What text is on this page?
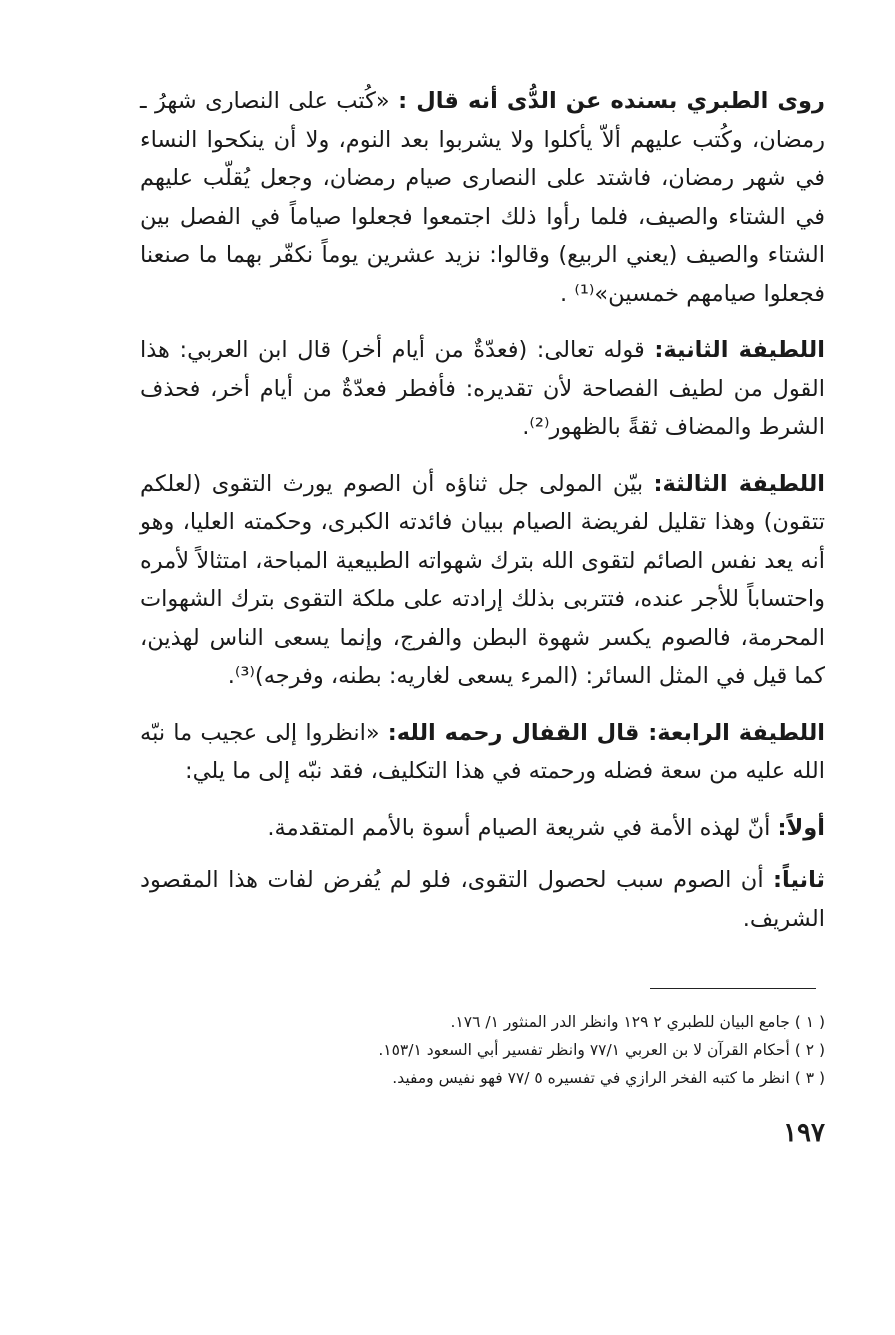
روى الطبري بسنده عن الدُّى أنه قال : «كُتب على النصارى شهرُ ـ رمضان، وكُتب عليهم ألاّ يأكلوا ولا يشربوا بعد النوم، ولا أن ينكحوا النساء في شهر رمضان، فاشتد على النصارى صيام رمضان، وجعل يُقلّب عليهم في الشتاء والصيف، فلما رأوا ذلك اجتمعوا فجعلوا صياماً في الفصل بين الشتاء والصيف (يعني الربيع) وقالوا: نزيد عشرين يوماً نكفّر بهما ما صنعنا فجعلوا صيامهم خمسين»⁽¹⁾ .

اللطيفة الثانية: قوله تعالى: (فعدّةٌ من أيام أخر) قال ابن العربي: هذا القول من لطيف الفصاحة لأن تقديره: فأفطر فعدّةٌ من أيام أخر، فحذف الشرط والمضاف ثقةً بالظهور⁽²⁾.

اللطيفة الثالثة: بيّن المولى جل ثناؤه أن الصوم يورث التقوى (لعلكم تتقون) وهذا تقليل لفريضة الصيام ببيان فائدته الكبرى، وحكمته العليا، وهو أنه يعد نفس الصائم لتقوى الله بترك شهواته الطبيعية المباحة، امتثالاً لأمره واحتساباً للأجر عنده، فتتربى بذلك إرادته على ملكة التقوى بترك الشهوات المحرمة، فالصوم يكسر شهوة البطن والفرج، وإنما يسعى الناس لهذين، كما قيل في المثل السائر: (المرء يسعى لغاريه: بطنه، وفرجه)⁽³⁾.

اللطيفة الرابعة: قال القفال رحمه الله: «انظروا إلى عجيب ما نبّه الله عليه من سعة فضله ورحمته في هذا التكليف، فقد نبّه إلى ما يلي:

أولاً: أنّ لهذه الأمة في شريعة الصيام أسوة بالأمم المتقدمة.

ثانياً: أن الصوم سبب لحصول التقوى، فلو لم يُفرض لفات هذا المقصود الشريف.

( ١ ) جامع البيان للطبري ٢ ١٢٩ وانظر الدر المنثور ١/ ١٧٦.

( ٢ ) أحكام القرآن لا بن العربي ٧٧/١ وانظر تفسير أبي السعود ١٥٣/١.

( ٣ ) انظر ما كتبه الفخر الرازي في تفسيره ٥ /٧٧ فهو نفيس ومفيد.

١٩٧
